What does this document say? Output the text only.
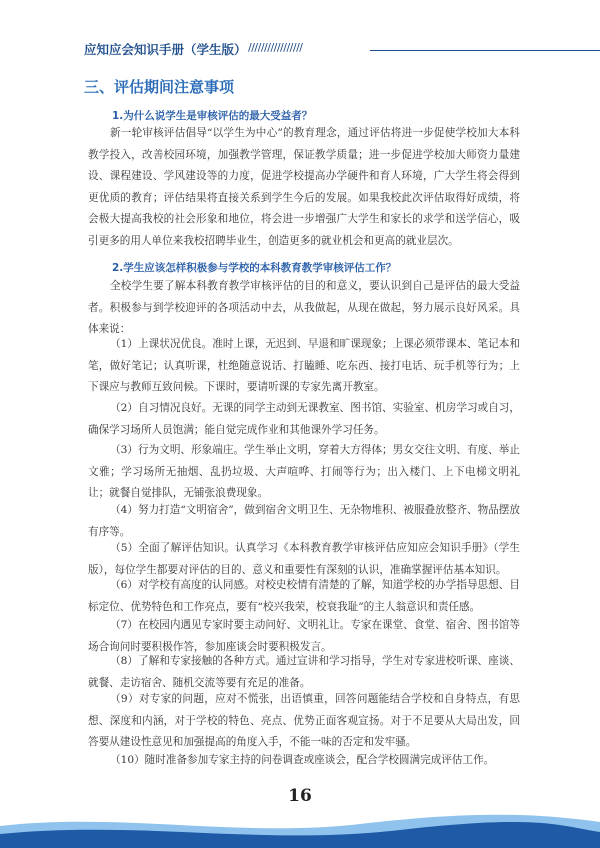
应知应会知识手册（学生版） /////////////////
三、评估期间注意事项
1.为什么说学生是审核评估的最大受益者？

新一轮审核评估倡导“以学生为中心”的教育理念，通过评估将进一步促使学校加大本科教学投入，改善校园环境，加强教学管理，保证教学质量；进一步促进学校加大师资力量建设、课程建设、学风建设等的力度，促进学校提高办学硬件和育人环境，广大学生将会得到更优质的教育；评估结果将直接关系到学生今后的发展。如果我校此次评估取得好成绩，将会极大提高我校的社会形象和地位，将会进一步增强广大学生和家长的求学和送学信心，吸引更多的用人单位来我校招聘毕业生，创造更多的就业机会和更高的就业层次。

2.学生应该怎样积极参与学校的本科教育教学审核评估工作？

全校学生要了解本科教育教学审核评估的目的和意义，要认识到自己是评估的最大受益者。积极参与到学校迎评的各项活动中去，从我做起，从现在做起，努力展示良好风采。具体来说：

（1）上课状况优良。准时上课，无迟到、早退和旷课现象；上课必须带课本、笔记本和笔，做好笔记；认真听课，杜绝随意说话、打瞌睡、吃东西、接打电话、玩手机等行为；上下课应与教师互致问候。下课时，要请听课的专家先离开教室。

（2）自习情况良好。无课的同学主动到无课教室、图书馆、实验室、机房学习或自习，确保学习场所人员饱满；能自觉完成作业和其他课外学习任务。

（3）行为文明、形象端庄。学生举止文明，穿着大方得体；男女交往文明、有度、举止文雅；学习场所无抽烟、乱扔垃圾、大声喧哗、打闹等行为；出入楼门、上下电梯文明礼让；就餐自觉排队，无铺张浪费现象。

（4）努力打造“文明宿舍”，做到宿舍文明卫生、无杂物堆积、被服叠放整齐、物品摆放有序等。

（5）全面了解评估知识。认真学习《本科教育教学审核评估应知应会知识手册》（学生版），每位学生都要对评估的目的、意义和重要性有深刻的认识，准确掌握评估基本知识。

（6）对学校有高度的认同感。对校史校情有清楚的了解，知道学校的办学指导思想、目标定位、优势特色和工作亮点，要有“校兴我荣，校衰我耻”的主人翁意识和责任感。

（7）在校园内遇见专家时要主动问好、文明礼让。专家在课堂、食堂、宿舍、图书馆等场合询问时要积极作答，参加座谈会时要积极发言。

（8）了解和专家接触的各种方式。通过宣讲和学习指导，学生对专家进校听课、座谈、就餐、走访宿舍、随机交流等要有充足的准备。

（9）对专家的问题，应对不慌张，出语慎重，回答问题能结合学校和自身特点，有思想、深度和内涵，对于学校的特色、亮点、优势正面客观宣扬。对于不足要从大局出发，回答要从建设性意见和加强提高的角度入手，不能一味的否定和发牢骚。

（10）随时准备参加专家主持的问卷调查或座谈会，配合学校圆满完成评估工作。

16
